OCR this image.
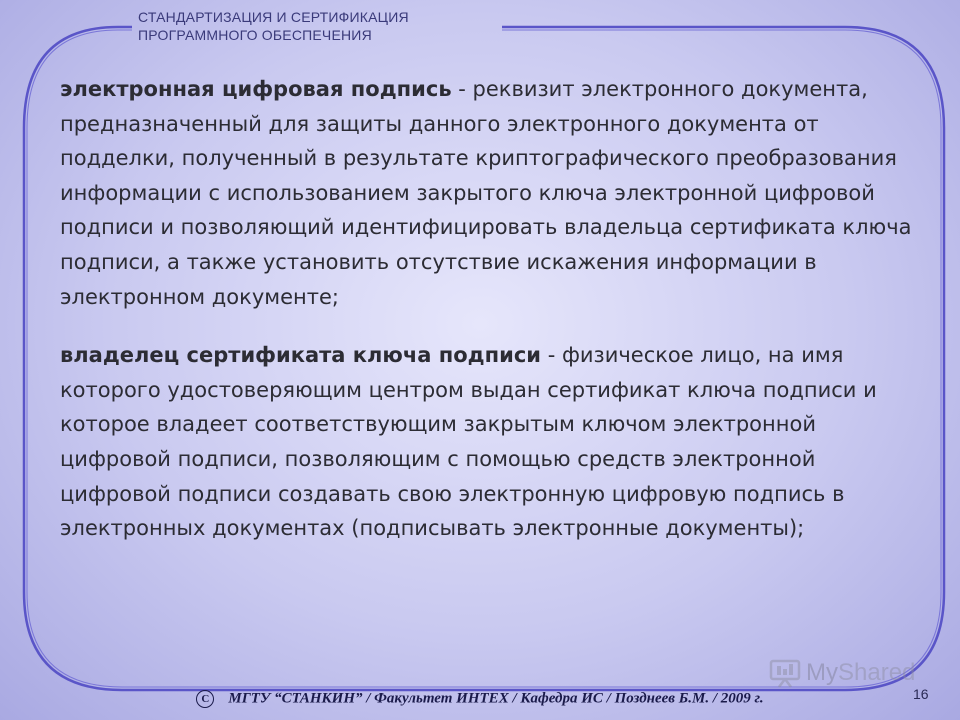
СТАНДАРТИЗАЦИЯ И СЕРТИФИКАЦИЯ
ПРОГРАММНОГО ОБЕСПЕЧЕНИЯ

электронная цифровая подпись - реквизит электронного документа, предназначенный для защиты данного электронного документа от подделки, полученный в результате криптографического преобразования информации с использованием закрытого ключа электронной цифровой подписи и позволяющий идентифицировать владельца сертификата ключа подписи, а также установить отсутствие искажения информации в электронном документе;

владелец сертификата ключа подписи - физическое лицо, на имя которого удостоверяющим центром выдан сертификат ключа подписи и которое владеет соответствующим закрытым ключом электронной цифровой подписи, позволяющим с помощью средств электронной цифровой подписи создавать свою электронную цифровую подпись в электронных документах (подписывать электронные документы);

MyShared
С МГТУ “СТАНКИН” / Факультет ИНТЕХ / Кафедра ИС / Позднеев Б.М. / 2009 г.	16
